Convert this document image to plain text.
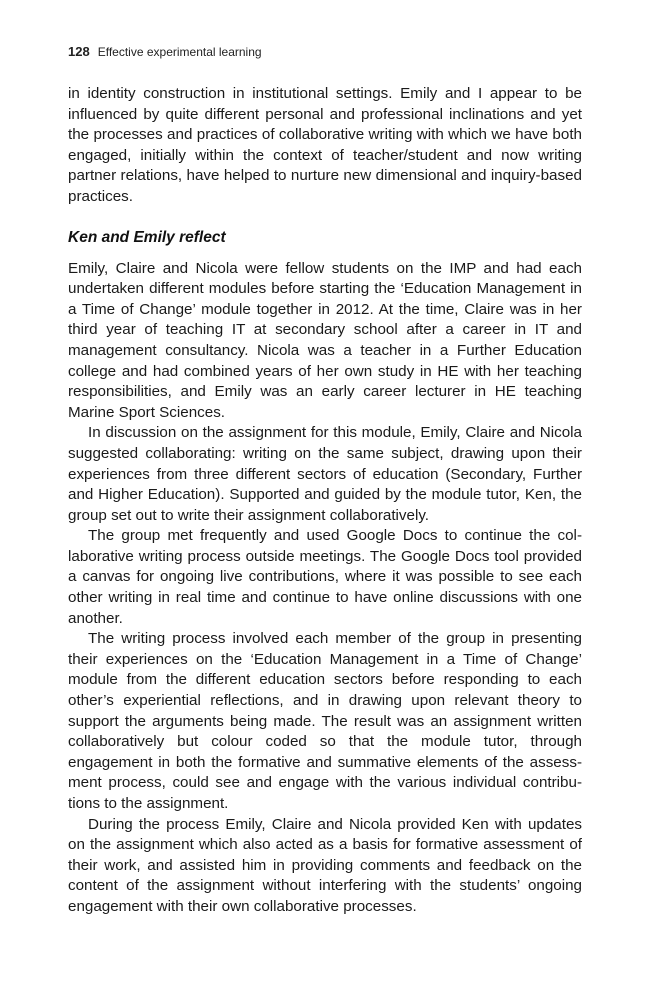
128 Effective experimental learning

in identity construction in institutional settings. Emily and I appear to be influenced by quite different personal and professional inclinations and yet the processes and practices of collaborative writing with which we have both engaged, initially within the context of teacher/student and now writing partner relations, have helped to nurture new dimensional and inquiry-based practices.

Ken and Emily reflect

Emily, Claire and Nicola were fellow students on the IMP and had each undertaken different modules before starting the ‘Education Management in a Time of Change’ module together in 2012. At the time, Claire was in her third year of teaching IT at secondary school after a career in IT and management consultancy. Nicola was a teacher in a Further Education college and had combined years of her own study in HE with her teaching responsibilities, and Emily was an early career lecturer in HE teaching Marine Sport Sciences.

In discussion on the assignment for this module, Emily, Claire and Nicola suggested collaborating: writing on the same subject, drawing upon their experiences from three different sectors of education (Secondary, Further and Higher Education). Supported and guided by the module tutor, Ken, the group set out to write their assignment collaboratively.

The group met frequently and used Google Docs to continue the collaborative writing process outside meetings. The Google Docs tool provided a canvas for ongoing live contributions, where it was possible to see each other writing in real time and continue to have online discussions with one another.

The writing process involved each member of the group in presenting their experiences on the ‘Education Management in a Time of Change’ module from the different education sectors before responding to each other’s experiential reflections, and in drawing upon relevant theory to support the arguments being made. The result was an assignment written collaboratively but colour coded so that the module tutor, through engagement in both the formative and summative elements of the assessment process, could see and engage with the various individual contributions to the assignment.

During the process Emily, Claire and Nicola provided Ken with updates on the assignment which also acted as a basis for formative assessment of their work, and assisted him in providing comments and feedback on the content of the assignment without interfering with the students’ ongoing engagement with their own collaborative processes.
